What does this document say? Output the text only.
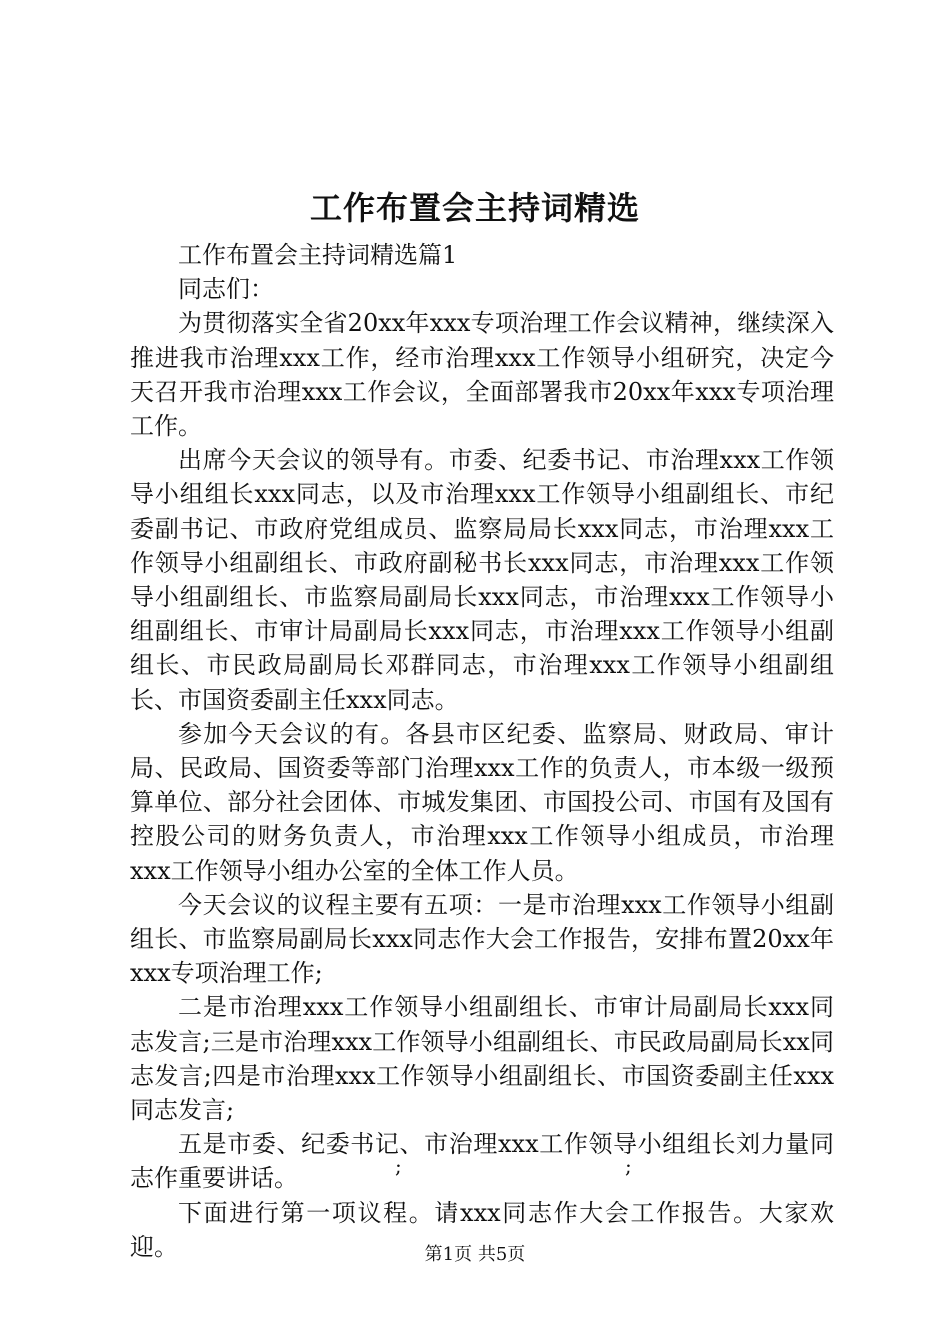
工作布置会主持词精选

工作布置会主持词精选篇1

同志们：

为贯彻落实全省20xx年xxx专项治理工作会议精神，继续深入推进我市治理xxx工作，经市治理xxx工作领导小组研究，决定今天召开我市治理xxx工作会议，全面部署我市20xx年xxx专项治理工作。

出席今天会议的领导有。市委、纪委书记、市治理xxx工作领导小组组长xxx同志，以及市治理xxx工作领导小组副组长、市纪委副书记、市政府党组成员、监察局局长xxx同志，市治理xxx工作领导小组副组长、市政府副秘书长xxx同志，市治理xxx工作领导小组副组长、市监察局副局长xxx同志，市治理xxx工作领导小组副组长、市审计局副局长xxx同志，市治理xxx工作领导小组副组长、市民政局副局长邓群同志，市治理xxx工作领导小组副组长、市国资委副主任xxx同志。

参加今天会议的有。各县市区纪委、监察局、财政局、审计局、民政局、国资委等部门治理xxx工作的负责人，市本级一级预算单位、部分社会团体、市城发集团、市国投公司、市国有及国有控股公司的财务负责人，市治理xxx工作领导小组成员，市治理xxx工作领导小组办公室的全体工作人员。

今天会议的议程主要有五项：一是市治理xxx工作领导小组副组长、市监察局副局长xxx同志作大会工作报告，安排布置20xx年xxx专项治理工作;

二是市治理xxx工作领导小组副组长、市审计局副局长xxx同志发言;三是市治理xxx工作领导小组副组长、市民政局副局长xx同志发言;四是市治理xxx工作领导小组副组长、市国资委副主任xxx同志发言;

五是市委、纪委书记、市治理xxx工作领导小组组长刘力量同志作重要讲话。

下面进行第一项议程。请xxx同志作大会工作报告。大家欢迎。

;	;
第1页 共5页
